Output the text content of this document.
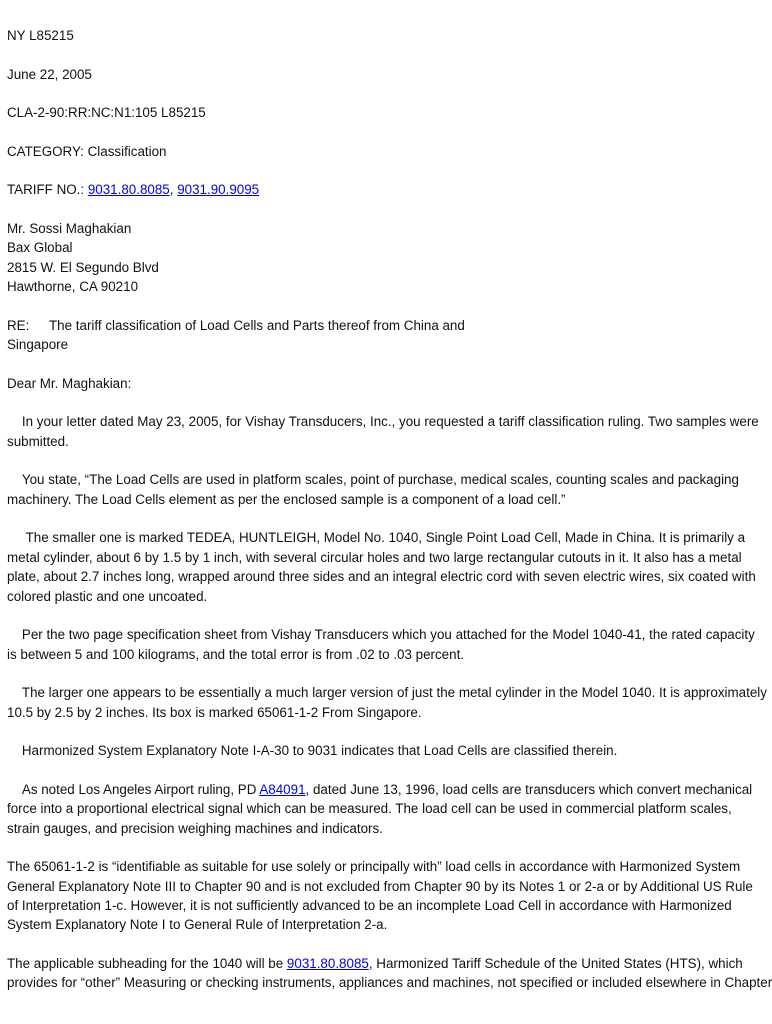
NY L85215
June 22, 2005
CLA-2-90:RR:NC:N1:105 L85215
CATEGORY: Classification
TARIFF NO.: 9031.80.8085, 9031.90.9095
Mr. Sossi Maghakian
Bax Global
2815 W. El Segundo Blvd
Hawthorne, CA 90210
RE: The tariff classification of Load Cells and Parts thereof from China and
Singapore
Dear Mr. Maghakian:
In your letter dated May 23, 2005, for Vishay Transducers, Inc., you requested a tariff classification ruling. Two samples were submitted.
You state, “The Load Cells are used in platform scales, point of purchase, medical scales, counting scales and packaging machinery. The Load Cells element as per the enclosed sample is a component of a load cell.”
The smaller one is marked TEDEA, HUNTLEIGH, Model No. 1040, Single Point Load Cell, Made in China. It is primarily a metal cylinder, about 6 by 1.5 by 1 inch, with several circular holes and two large rectangular cutouts in it. It also has a metal plate, about 2.7 inches long, wrapped around three sides and an integral electric cord with seven electric wires, six coated with colored plastic and one uncoated.
Per the two page specification sheet from Vishay Transducers which you attached for the Model 1040-41, the rated capacity is between 5 and 100 kilograms, and the total error is from .02 to .03 percent.
The larger one appears to be essentially a much larger version of just the metal cylinder in the Model 1040. It is approximately 10.5 by 2.5 by 2 inches. Its box is marked 65061-1-2 From Singapore.
Harmonized System Explanatory Note I-A-30 to 9031 indicates that Load Cells are classified therein.
As noted Los Angeles Airport ruling, PD A84091, dated June 13, 1996, load cells are transducers which convert mechanical force into a proportional electrical signal which can be measured. The load cell can be used in commercial platform scales, strain gauges, and precision weighing machines and indicators.
The 65061-1-2 is “identifiable as suitable for use solely or principally with” load cells in accordance with Harmonized System General Explanatory Note III to Chapter 90 and is not excluded from Chapter 90 by its Notes 1 or 2-a or by Additional US Rule of Interpretation 1-c. However, it is not sufficiently advanced to be an incomplete Load Cell in accordance with Harmonized System Explanatory Note I to General Rule of Interpretation 2-a.
The applicable subheading for the 1040 will be 9031.80.8085, Harmonized Tariff Schedule of the United States (HTS), which
provides for “other” Measuring or checking instruments, appliances and machines, not specified or included elsewhere in Chapter
